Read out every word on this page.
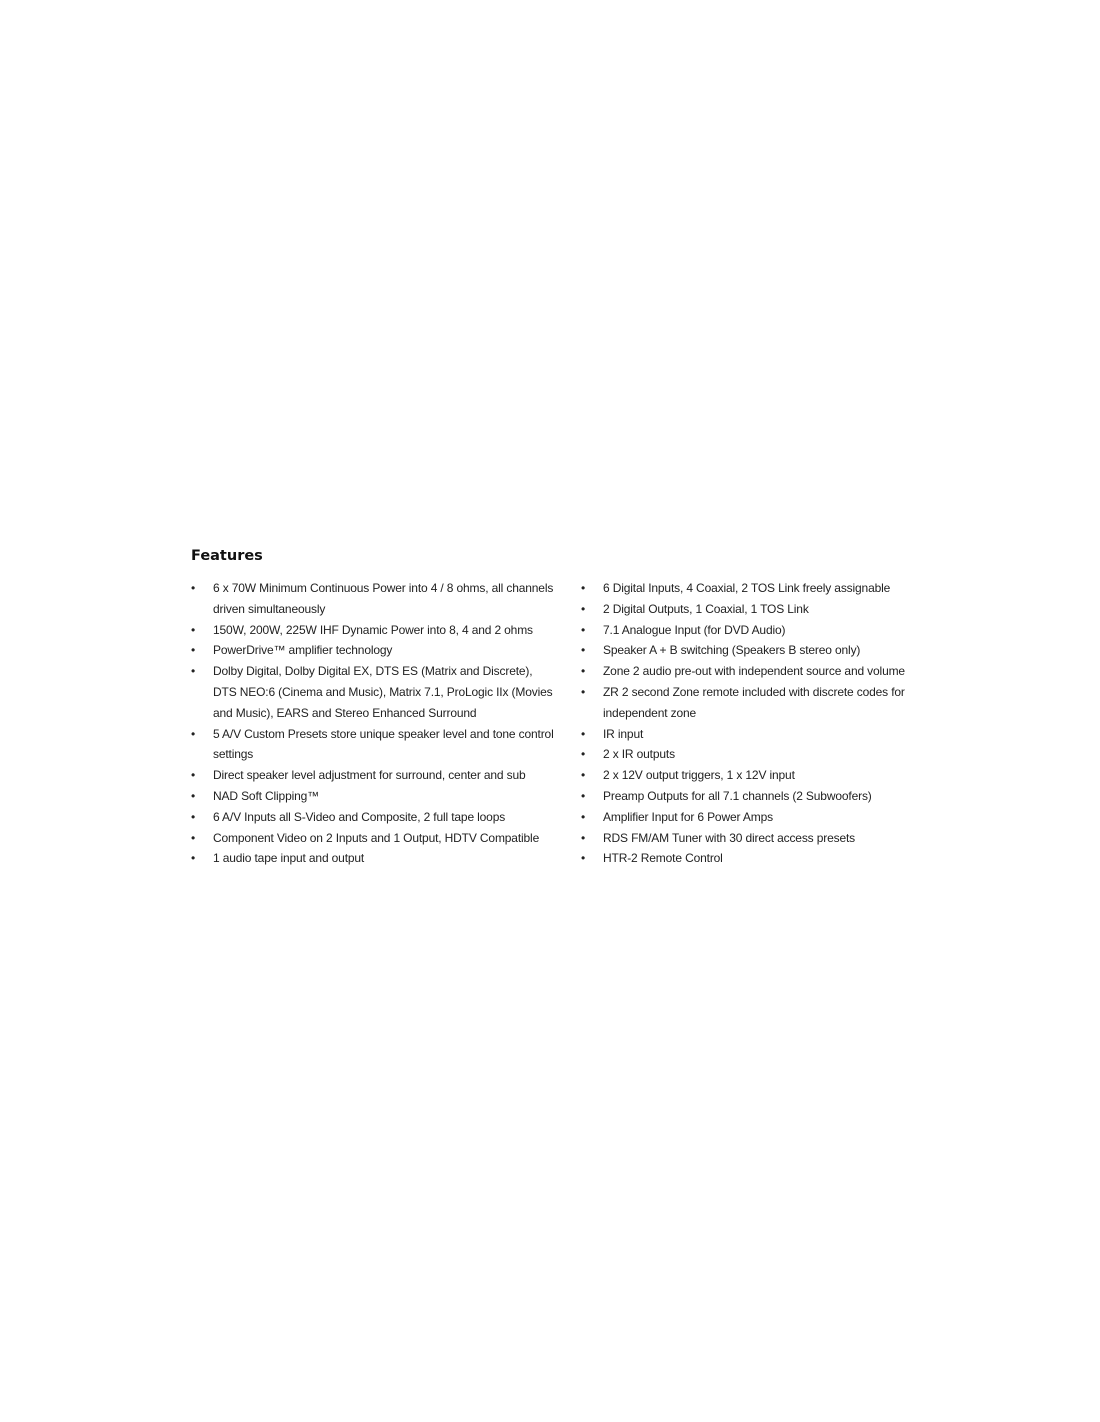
Features
•	6 x 70W Minimum Continuous Power into 4 / 8 ohms, all channels driven simultaneously
•	150W, 200W, 225W IHF Dynamic Power into 8, 4 and 2 ohms
•	PowerDrive™ amplifier technology
•	Dolby Digital, Dolby Digital EX, DTS ES (Matrix and Discrete), DTS NEO:6 (Cinema and Music), Matrix 7.1, ProLogic IIx (Movies and Music), EARS and Stereo Enhanced Surround
•	5 A/V Custom Presets store unique speaker level and tone control settings
•	Direct speaker level adjustment for surround, center and sub
•	NAD Soft Clipping™
•	6 A/V Inputs all S-Video and Composite, 2 full tape loops
•	Component Video on 2 Inputs and 1 Output, HDTV Compatible
•	1 audio tape input and output
•	6 Digital Inputs, 4 Coaxial, 2 TOS Link freely assignable
•	2 Digital Outputs, 1 Coaxial, 1 TOS Link
•	7.1 Analogue Input (for DVD Audio)
•	Speaker A + B switching (Speakers B stereo only)
•	Zone 2 audio pre-out with independent source and volume
•	ZR 2 second Zone remote included with discrete codes for independent zone
•	IR input
•	2 x IR outputs
•	2 x 12V output triggers, 1 x 12V input
•	Preamp Outputs for all 7.1 channels (2 Subwoofers)
•	Amplifier Input for 6 Power Amps
•	RDS FM/AM Tuner with 30 direct access presets
•	HTR-2 Remote Control
